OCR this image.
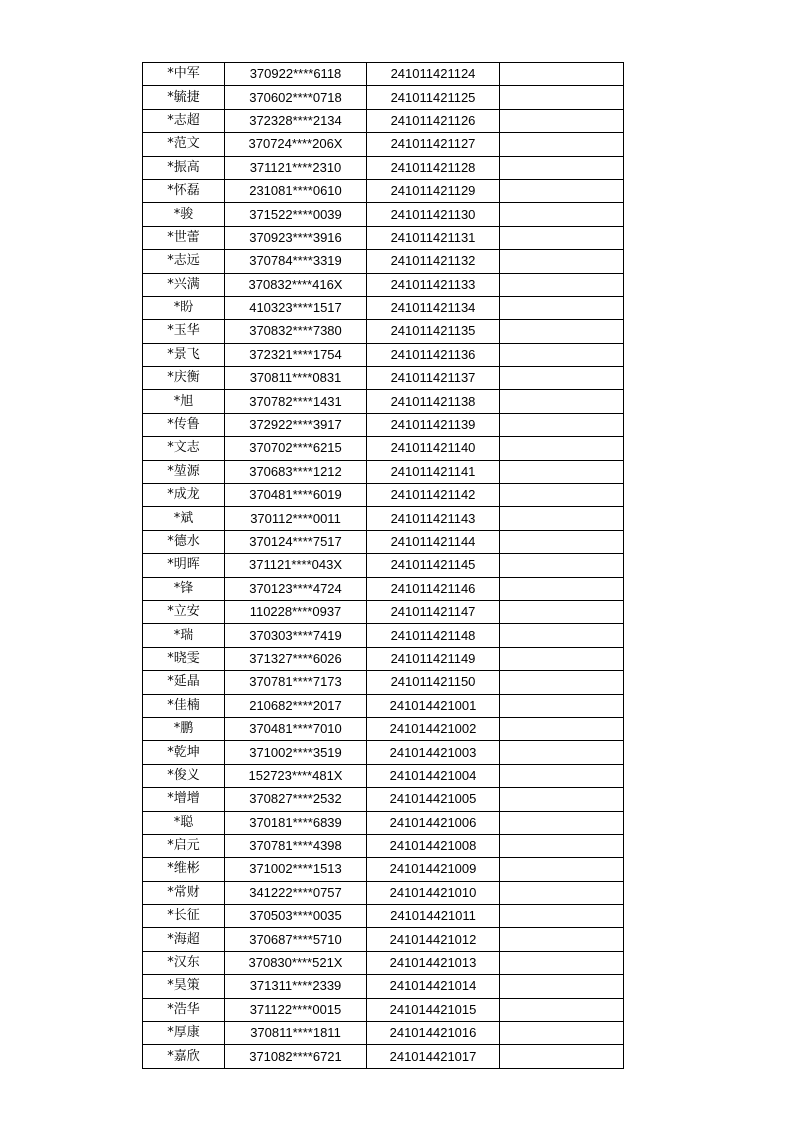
*中军	370922****6118	241011421124	
*毓捷	370602****0718	241011421125	
*志超	372328****2134	241011421126	
*范文	370724****206X	241011421127	
*振高	371121****2310	241011421128	
*怀磊	231081****0610	241011421129	
*骏	371522****0039	241011421130	
*世蕾	370923****3916	241011421131	
*志远	370784****3319	241011421132	
*兴满	370832****416X	241011421133	
*盼	410323****1517	241011421134	
*玉华	370832****7380	241011421135	
*景飞	372321****1754	241011421136	
*庆衡	370811****0831	241011421137	
*旭	370782****1431	241011421138	
*传鲁	372922****3917	241011421139	
*文志	370702****6215	241011421140	
*堃源	370683****1212	241011421141	
*成龙	370481****6019	241011421142	
*斌	370112****0011	241011421143	
*德水	370124****7517	241011421144	
*明晖	371121****043X	241011421145	
*锋	370123****4724	241011421146	
*立安	110228****0937	241011421147	
*瑞	370303****7419	241011421148	
*晓雯	371327****6026	241011421149	
*延晶	370781****7173	241011421150	
*佳楠	210682****2017	241014421001	
*鹏	370481****7010	241014421002	
*乾坤	371002****3519	241014421003	
*俊义	152723****481X	241014421004	
*增增	370827****2532	241014421005	
*聪	370181****6839	241014421006	
*启元	370781****4398	241014421008	
*维彬	371002****1513	241014421009	
*常财	341222****0757	241014421010	
*长征	370503****0035	241014421011	
*海超	370687****5710	241014421012	
*汉东	370830****521X	241014421013	
*昊策	371311****2339	241014421014	
*浩华	371122****0015	241014421015	
*厚康	370811****1811	241014421016	
*嘉欣	371082****6721	241014421017	
